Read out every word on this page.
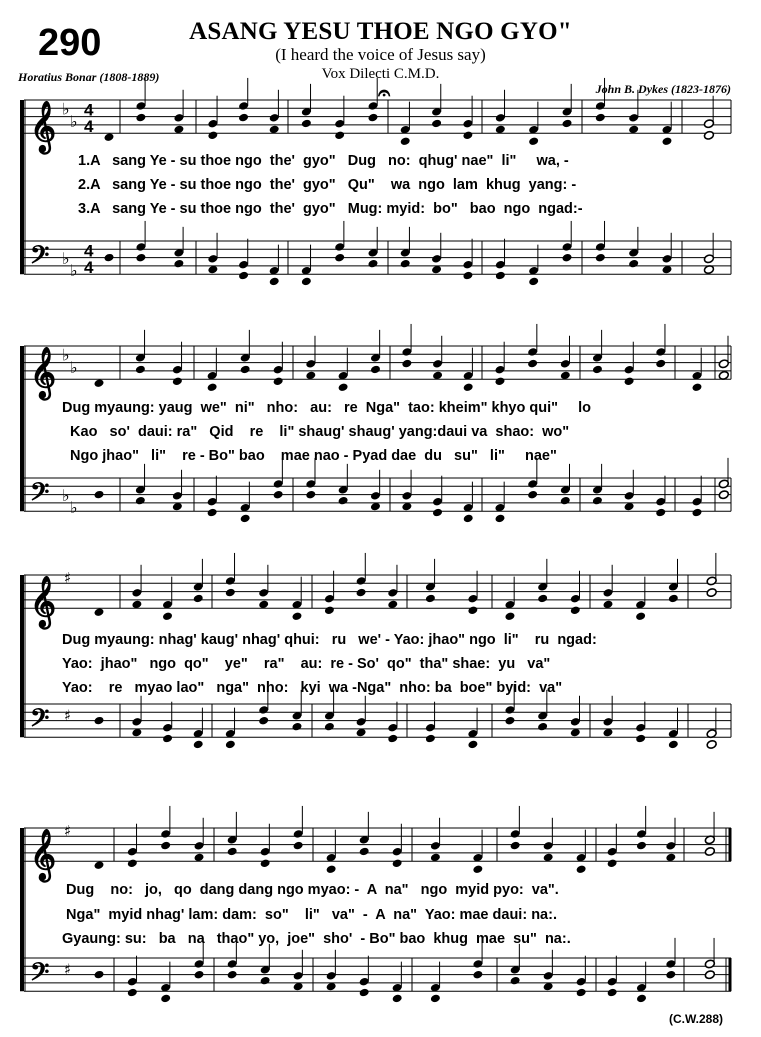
290	ASANG YESU THOE NGO GYO"
(I heard the voice of Jesus say)
Vox Dilecti C.M.D.
Horatius Bonar (1808-1889)
John B. Dykes (1823-1876)
𝄞
𝄢
♭
♭
♭
♭
4
4
4
4
𝄞
𝄢
♭
♭
♭
♭
𝄞
𝄢
♯
♯
𝄞
𝄢
♯
♯
𝄐
1.A   sang Ye - su thoe ngo  the'  gyo"   Dug   no:  qhug' nae"  li"     wa, -
2.A   sang Ye - su thoe ngo  the'  gyo"   Qu"    wa  ngo  lam  khug  yang: -
3.A   sang Ye - su thoe ngo  the'  gyo"   Mug: myid:  bo"   bao  ngo  ngad:-
Dug myaung: yaug  we"  ni"   nho:   au:   re  Nga"  tao: kheim" khyo qui"     lo
Kao   so'  daui: ra"   Qid    re    li" shaug' shaug' yang:daui va  shao:  wo"
Ngo jhao"   li"    re - Bo" bao    mae nao - Pyad dae  du   su"   li"     nae"
Dug myaung: nhag' kaug' nhag' qhui:   ru   we' - Yao: jhao" ngo  li"    ru  ngad:
Yao:  jhao"   ngo  qo"    ye"    ra"    au:  re - So'  qo"  tha" shae:  yu   va"
Yao:    re   myao lao"   nga"  nho:   kyi  wa -Nga"  nho: ba  boe" byid:  va"
Dug    no:   jo,   qo  dang dang ngo myao: -  A  na"   ngo  myid pyo:  va".
Nga"  myid nhag' lam: dam:  so"    li"   va"  -  A  na"  Yao: mae daui: na:.
Gyaung: su:   ba   na   thao" yo,  joe"  sho'  - Bo" bao  khug  mae  su"  na:.
(C.W.288)
